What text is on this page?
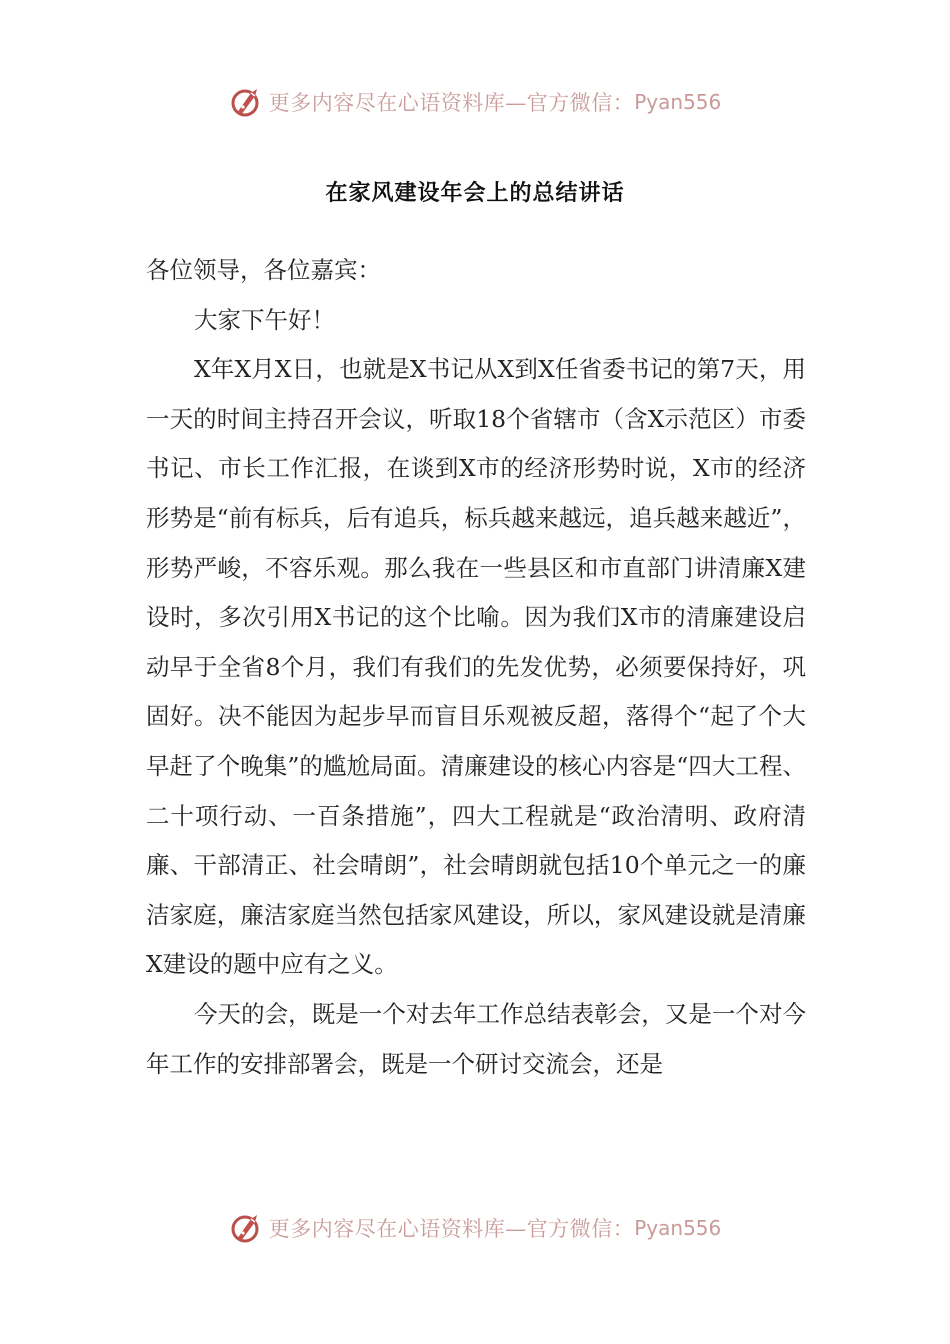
更多内容尽在心语资料库—官方微信： Pyan556
在家风建设年会上的总结讲话

各位领导，各位嘉宾：

大家下午好！

X年X月X日，也就是X书记从X到X任省委书记的第7天，用一天的时间主持召开会议，听取18个省辖市（含X示范区）市委书记、市长工作汇报，在谈到X市的经济形势时说，X市的经济形势是“前有标兵，后有追兵，标兵越来越远，追兵越来越近”，形势严峻，不容乐观。那么我在一些县区和市直部门讲清廉X建设时，多次引用X书记的这个比喻。因为我们X市的清廉建设启动早于全省8个月，我们有我们的先发优势，必须要保持好，巩固好。决不能因为起步早而盲目乐观被反超，落得个“起了个大早赶了个晚集”的尴尬局面。清廉建设的核心内容是“四大工程、二十项行动、一百条措施”，四大工程就是“政治清明、政府清廉、干部清正、社会晴朗”，社会晴朗就包括10个单元之一的廉洁家庭，廉洁家庭当然包括家风建设，所以，家风建设就是清廉X建设的题中应有之义。

今天的会，既是一个对去年工作总结表彰会，又是一个对今年工作的安排部署会，既是一个研讨交流会，还是

更多内容尽在心语资料库—官方微信： Pyan556
